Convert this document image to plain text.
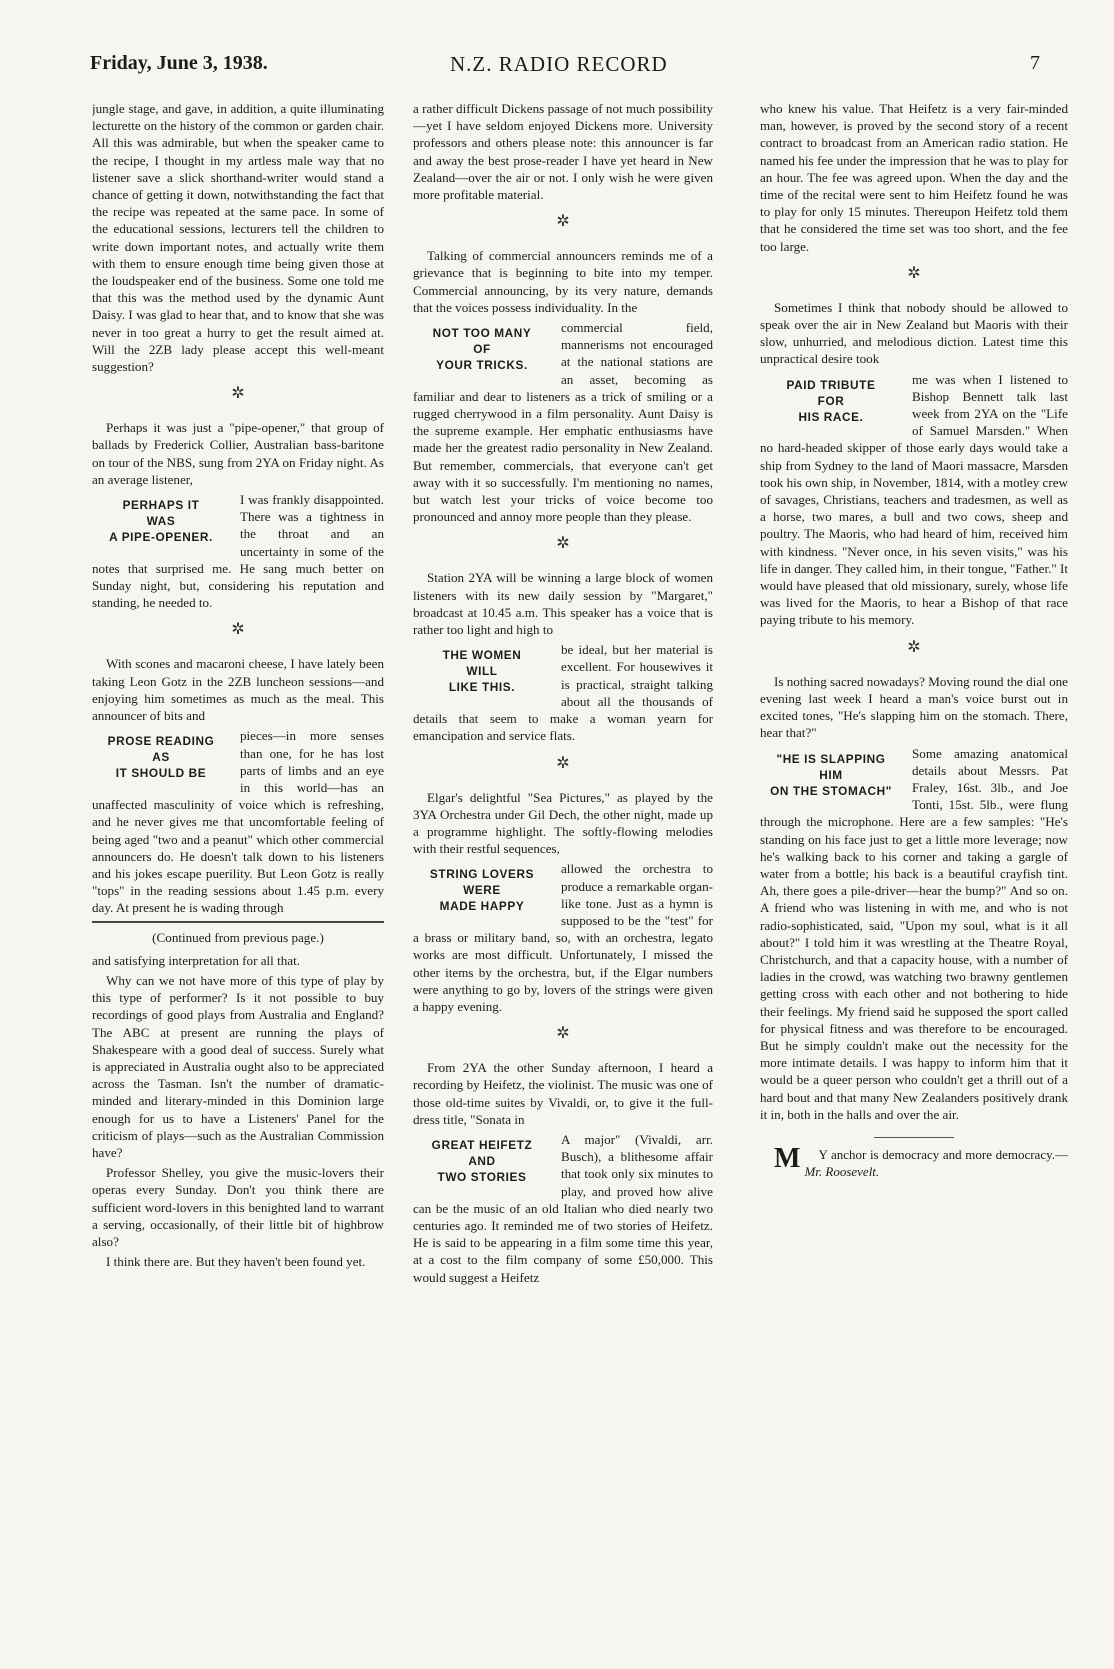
Friday, June 3, 1938.	N.Z. RADIO RECORD	7

jungle stage, and gave, in addition, a quite illuminating lecturette on the history of the common or garden chair. All this was admirable, but when the speaker came to the recipe, I thought in my artless male way that no listener save a slick shorthand-writer would stand a chance of getting it down, notwithstanding the fact that the recipe was repeated at the same pace. In some of the educational sessions, lecturers tell the children to write down important notes, and actually write them with them to ensure enough time being given those at the loudspeaker end of the business. Some one told me that this was the method used by the dynamic Aunt Daisy. I was glad to hear that, and to know that she was never in too great a hurry to get the result aimed at. Will the 2ZB lady please accept this well-meant suggestion?

✲

Perhaps it was just a "pipe-opener," that group of ballads by Frederick Collier, Australian bass-baritone on tour of the NBS, sung from 2YA on Friday night. As an average listener,

PERHAPS IT
WAS
A PIPE-OPENER.

I was frankly disappointed. There was a tightness in the throat and an uncertainty in some of the notes that surprised me. He sang much better on Sunday night, but, considering his reputation and standing, he needed to.

✲

With scones and macaroni cheese, I have lately been taking Leon Gotz in the 2ZB luncheon sessions—and enjoying him sometimes as much as the meal. This announcer of bits and

PROSE READING
AS
IT SHOULD BE

pieces—in more senses than one, for he has lost parts of limbs and an eye in this world—has an unaffected masculinity of voice which is refreshing, and he never gives me that uncomfortable feeling of being aged "two and a peanut" which other commercial announcers do. He doesn't talk down to his listeners and his jokes escape puerility. But Leon Gotz is really "tops" in the reading sessions about 1.45 p.m. every day. At present he is wading through

(Continued from previous page.)

and satisfying interpretation for all that.

Why can we not have more of this type of play by this type of performer? Is it not possible to buy recordings of good plays from Australia and England? The ABC at present are running the plays of Shakespeare with a good deal of success. Surely what is appreciated in Australia ought also to be appreciated across the Tasman. Isn't the number of dramatic-minded and literary-minded in this Dominion large enough for us to have a Listeners' Panel for the criticism of plays—such as the Australian Commission have?

Professor Shelley, you give the music-lovers their operas every Sunday. Don't you think there are sufficient word-lovers in this benighted land to warrant a serving, occasionally, of their little bit of highbrow also?

I think there are. But they haven't been found yet.

a rather difficult Dickens passage of not much possibility—yet I have seldom enjoyed Dickens more. University professors and others please note: this announcer is far and away the best prose-reader I have yet heard in New Zealand—over the air or not. I only wish he were given more profitable material.

✲

Talking of commercial announcers reminds me of a grievance that is beginning to bite into my temper. Commercial announcing, by its very nature, demands that the voices possess individuality. In the

NOT TOO MANY
OF
YOUR TRICKS.

commercial field, mannerisms not encouraged at the national stations are an asset, becoming as familiar and dear to listeners as a trick of smiling or a rugged cherrywood in a film personality. Aunt Daisy is the supreme example. Her emphatic enthusiasms have made her the greatest radio personality in New Zealand. But remember, commercials, that everyone can't get away with it so successfully. I'm mentioning no names, but watch lest your tricks of voice become too pronounced and annoy more people than they please.

✲

Station 2YA will be winning a large block of women listeners with its new daily session by "Margaret," broadcast at 10.45 a.m. This speaker has a voice that is rather too light and high to

THE WOMEN
WILL
LIKE THIS.

be ideal, but her material is excellent. For housewives it is practical, straight talking about all the thousands of details that seem to make a woman yearn for emancipation and service flats.

✲

Elgar's delightful "Sea Pictures," as played by the 3YA Orchestra under Gil Dech, the other night, made up a programme highlight. The softly-flowing melodies with their restful sequences,

STRING LOVERS
WERE
MADE HAPPY

allowed the orchestra to produce a remarkable organ-like tone. Just as a hymn is supposed to be the "test" for a brass or military band, so, with an orchestra, legato works are most difficult. Unfortunately, I missed the other items by the orchestra, but, if the Elgar numbers were anything to go by, lovers of the strings were given a happy evening.

✲

From 2YA the other Sunday afternoon, I heard a recording by Heifetz, the violinist. The music was one of those old-time suites by Vivaldi, or, to give it the full-dress title, "Sonata in

GREAT HEIFETZ
AND
TWO STORIES

A major" (Vivaldi, arr. Busch), a blithesome affair that took only six minutes to play, and proved how alive can be the music of an old Italian who died nearly two centuries ago. It reminded me of two stories of Heifetz. He is said to be appearing in a film some time this year, at a cost to the film company of some £50,000. This would suggest a Heifetz

who knew his value. That Heifetz is a very fair-minded man, however, is proved by the second story of a recent contract to broadcast from an American radio station. He named his fee under the impression that he was to play for an hour. The fee was agreed upon. When the day and the time of the recital were sent to him Heifetz found he was to play for only 15 minutes. Thereupon Heifetz told them that he considered the time set was too short, and the fee too large.

✲

Sometimes I think that nobody should be allowed to speak over the air in New Zealand but Maoris with their slow, unhurried, and melodious diction. Latest time this unpractical desire took

PAID TRIBUTE
FOR
HIS RACE.

me was when I listened to Bishop Bennett talk last week from 2YA on the "Life of Samuel Marsden." When no hard-headed skipper of those early days would take a ship from Sydney to the land of Maori massacre, Marsden took his own ship, in November, 1814, with a motley crew of savages, Christians, teachers and tradesmen, as well as a horse, two mares, a bull and two cows, sheep and poultry. The Maoris, who had heard of him, received him with kindness. "Never once, in his seven visits," was his life in danger. They called him, in their tongue, "Father." It would have pleased that old missionary, surely, whose life was lived for the Maoris, to hear a Bishop of that race paying tribute to his memory.

✲

Is nothing sacred nowadays? Moving round the dial one evening last week I heard a man's voice burst out in excited tones, "He's slapping him on the stomach. There, hear that?"

"HE IS SLAPPING
HIM
ON THE STOMACH"

Some amazing anatomical details about Messrs. Pat Fraley, 16st. 3lb., and Joe Tonti, 15st. 5lb., were flung through the microphone. Here are a few samples: "He's standing on his face just to get a little more leverage; now he's walking back to his corner and taking a gargle of water from a bottle; his back is a beautiful crayfish tint. Ah, there goes a pile-driver—hear the bump?" And so on. A friend who was listening in with me, and who is not radio-sophisticated, said, "Upon my soul, what is it all about?" I told him it was wrestling at the Theatre Royal, Christchurch, and that a capacity house, with a number of ladies in the crowd, was watching two brawny gentlemen getting cross with each other and not bothering to hide their feelings. My friend said he supposed the sport called for physical fitness and was therefore to be encouraged. But he simply couldn't make out the necessity for the more intimate details. I was happy to inform him that it would be a queer person who couldn't get a thrill out of a hard bout and that many New Zealanders positively drank it in, both in the halls and over the air.

M Y anchor is democracy and more democracy.—Mr. Roosevelt.
